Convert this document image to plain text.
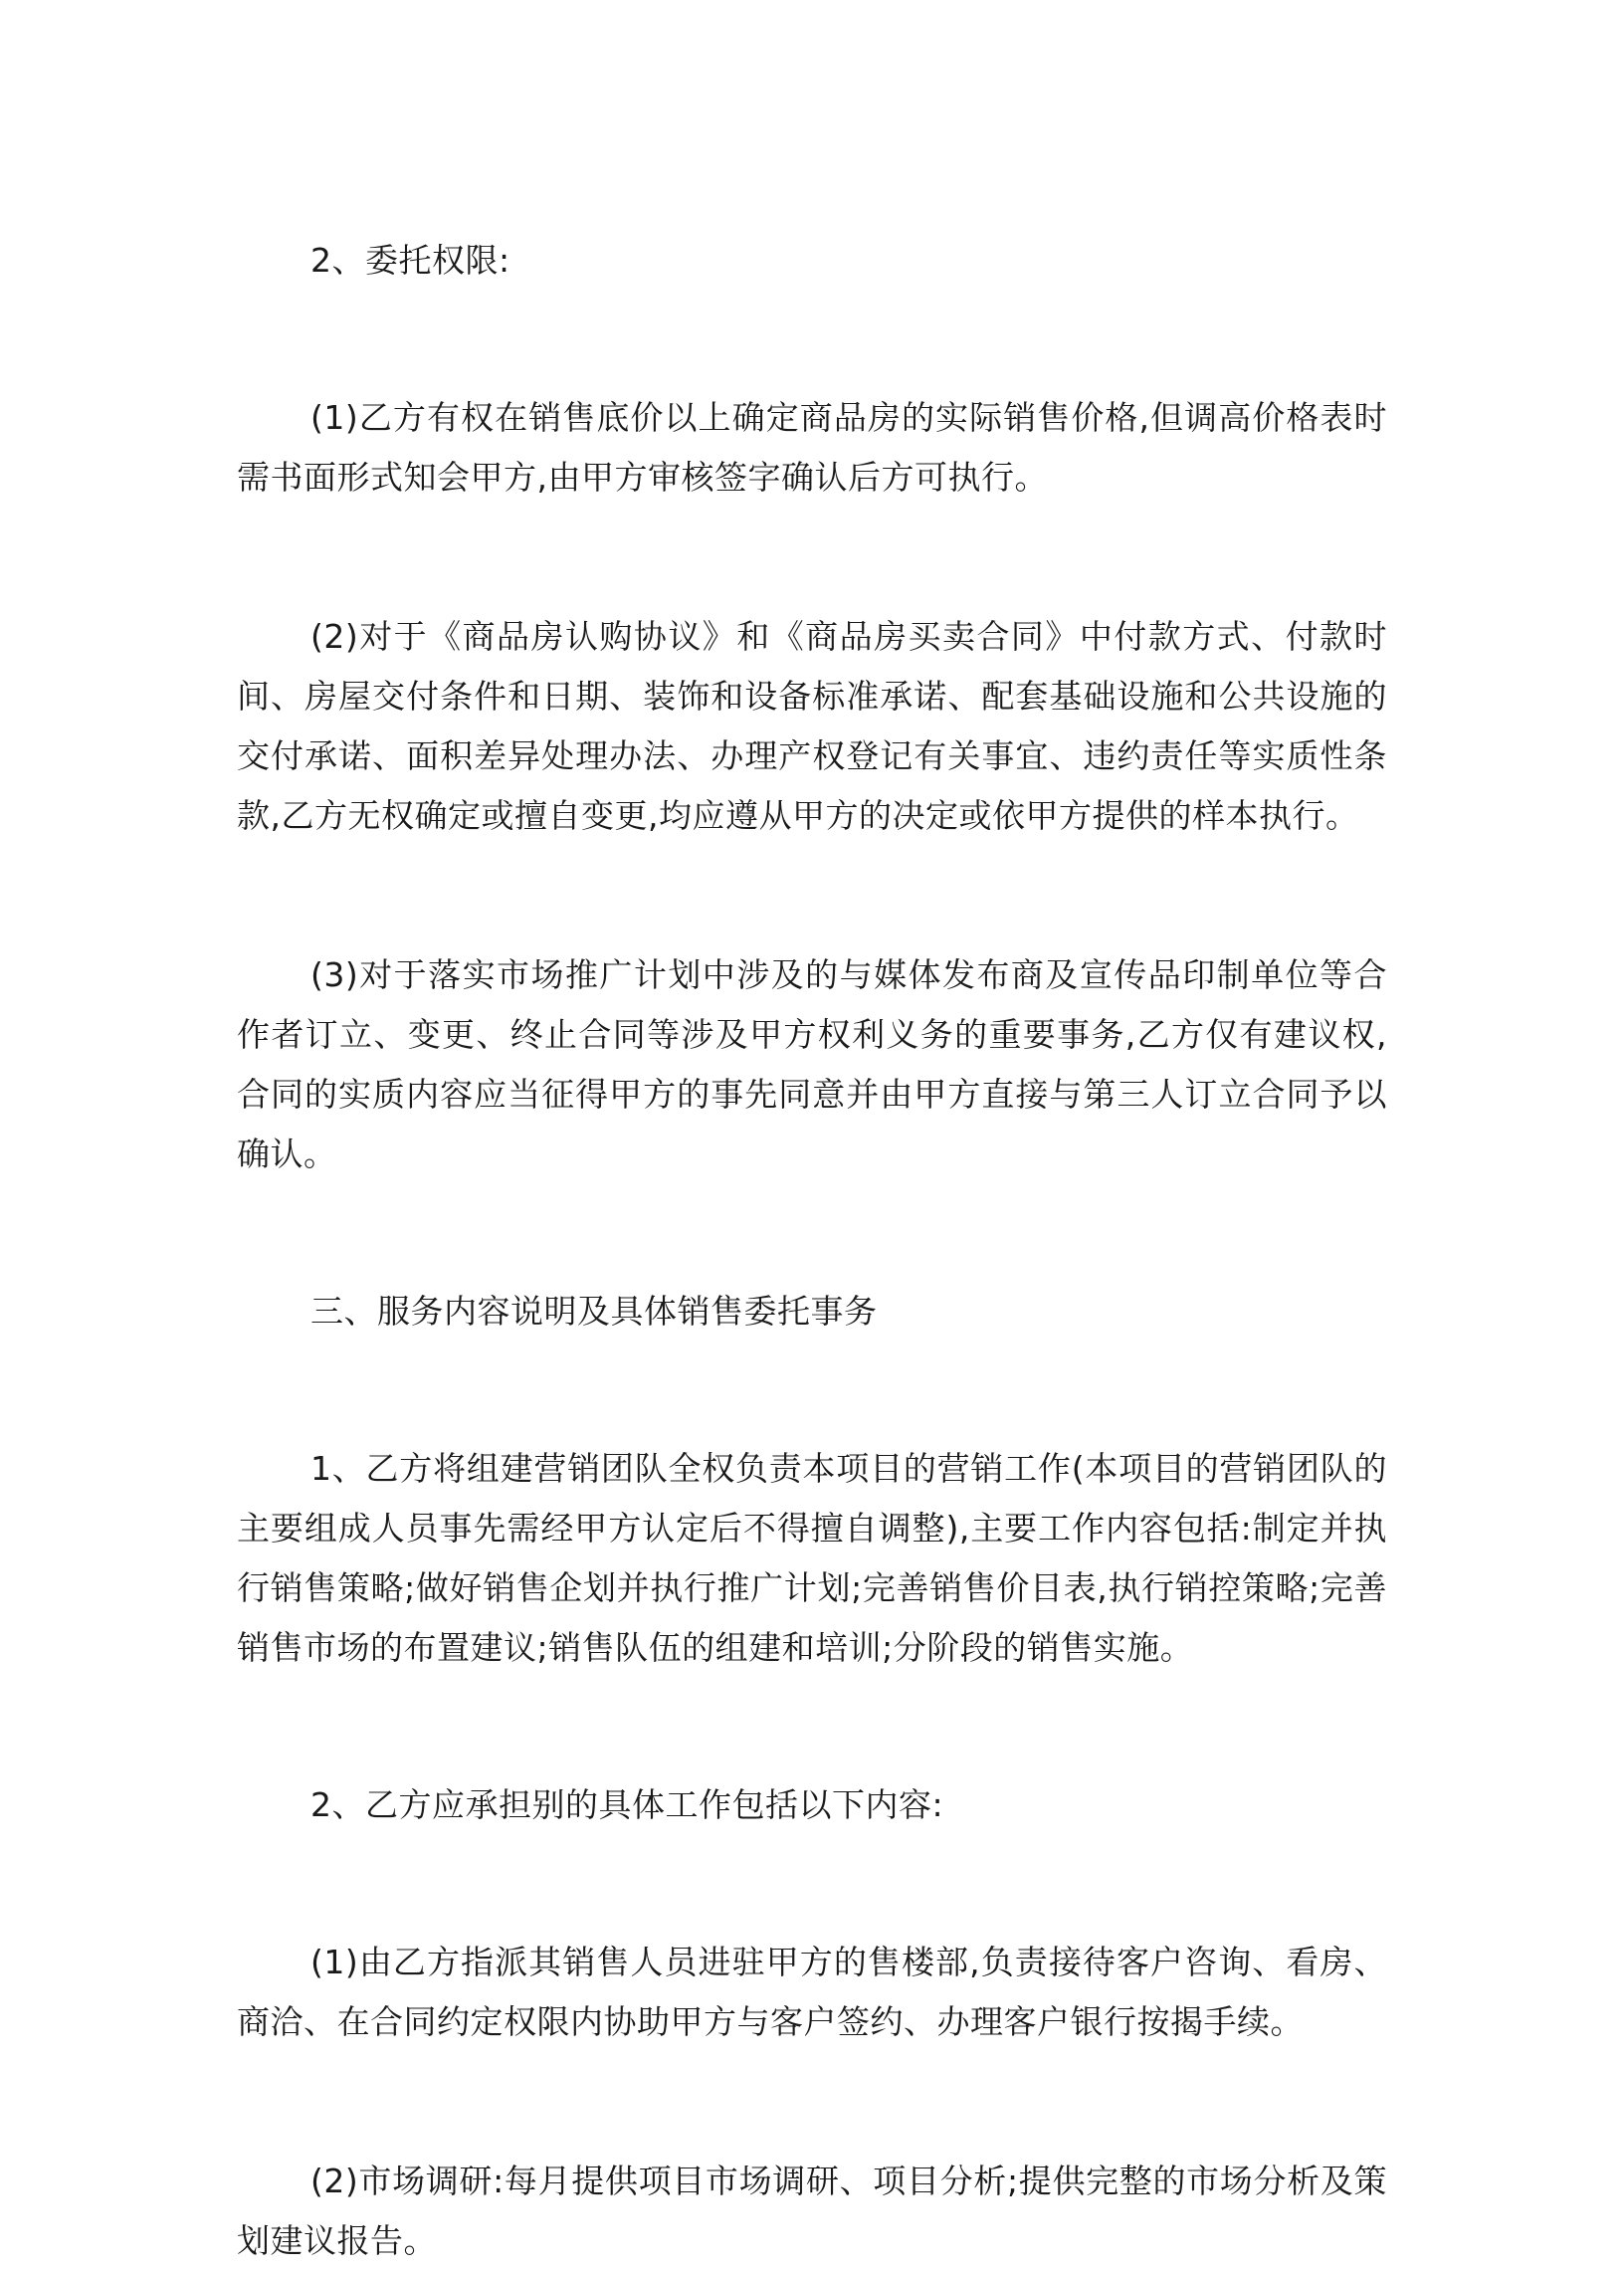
2、委托权限:

(1)乙方有权在销售底价以上确定商品房的实际销售价格,但调高价格表时需书面形式知会甲方,由甲方审核签字确认后方可执行。

(2)对于《商品房认购协议》和《商品房买卖合同》中付款方式、付款时间、房屋交付条件和日期、装饰和设备标准承诺、配套基础设施和公共设施的交付承诺、面积差异处理办法、办理产权登记有关事宜、违约责任等实质性条款,乙方无权确定或擅自变更,均应遵从甲方的决定或依甲方提供的样本执行。

(3)对于落实市场推广计划中涉及的与媒体发布商及宣传品印制单位等合作者订立、变更、终止合同等涉及甲方权利义务的重要事务,乙方仅有建议权,合同的实质内容应当征得甲方的事先同意并由甲方直接与第三人订立合同予以确认。

三、服务内容说明及具体销售委托事务

1、乙方将组建营销团队全权负责本项目的营销工作(本项目的营销团队的主要组成人员事先需经甲方认定后不得擅自调整),主要工作内容包括:制定并执行销售策略;做好销售企划并执行推广计划;完善销售价目表,执行销控策略;完善销售市场的布置建议;销售队伍的组建和培训;分阶段的销售实施。

2、乙方应承担别的具体工作包括以下内容:

(1)由乙方指派其销售人员进驻甲方的售楼部,负责接待客户咨询、看房、商洽、在合同约定权限内协助甲方与客户签约、办理客户银行按揭手续。

(2)市场调研:每月提供项目市场调研、项目分析;提供完整的市场分析及策划建议报告。
